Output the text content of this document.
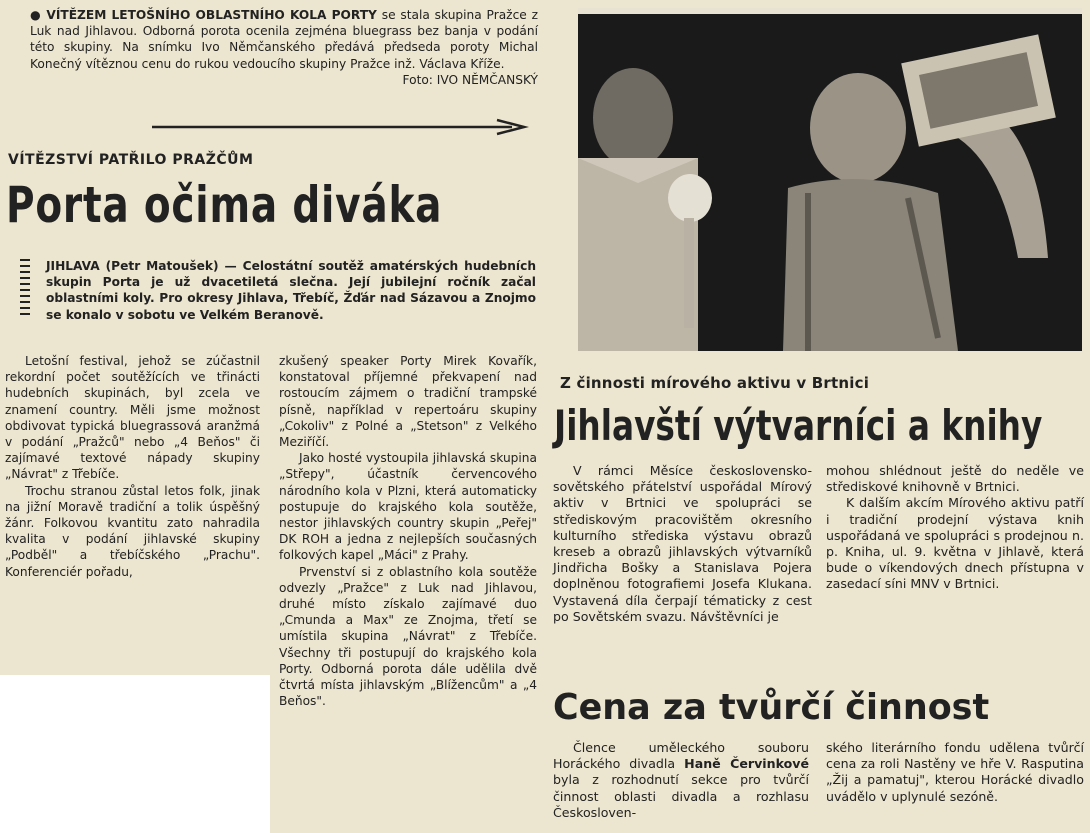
● VÍTĚZEM LETOŠNÍHO OBLASTNÍHO KOLA PORTY se stala skupina Pražce z Luk nad Jihlavou. Odborná porota ocenila zejména bluegrass bez banja v podání této skupiny. Na snímku Ivo Němčanského předává předseda poroty Michal Konečný vítěznou cenu do rukou vedoucího skupiny Pražce inž. Václava Kříže.
Foto: IVO NĚMČANSKÝ
VÍTĚZSTVÍ PATŘILO PRAŽČŮM
Porta očima diváka

JIHLAVA (Petr Matoušek) — Celostátní soutěž amatérských hudebních skupin Porta je už dvacetiletá slečna. Její jubilejní ročník začal oblastními koly. Pro okresy Jihlava, Třebíč, Žďár nad Sázavou a Znojmo se konalo v sobotu ve Velkém Beranově.

Letošní festival, jehož se zúčastnil rekordní počet soutěžících ve třinácti hudebních skupinách, byl zcela ve znamení country. Měli jsme možnost obdivovat typická bluegrassová aranžmá v podání „Pražců" nebo „4 Beňos" či zajímavé textové nápady skupiny „Návrat" z Třebíče.

Trochu stranou zůstal letos folk, jinak na jižní Moravě tradiční a tolik úspěšný žánr. Folkovou kvantitu zato nahradila kvalita v podání jihlavské skupiny „Podběl" a třebíčského „Prachu". Konferenciér pořadu,

zkušený speaker Porty Mirek Kovařík, konstatoval příjemné překvapení nad rostoucím zájmem o tradiční trampské písně, například v repertoáru skupiny „Cokoliv" z Polné a „Stetson" z Velkého Meziříčí.

Jako hosté vystoupila jihlavská skupina „Střepy", účastník červencového národního kola v Plzni, která automaticky postupuje do krajského kola soutěže, nestor jihlavských country skupin „Peřej" DK ROH a jedna z nejlepších současných folkových kapel „Máci" z Prahy.

Prvenství si z oblastního kola soutěže odvezly „Pražce" z Luk nad Jihlavou, druhé místo získalo zajímavé duo „Cmunda a Max" ze Znojma, třetí se umístila skupina „Návrat" z Třebíče. Všechny tři postupují do krajského kola Porty. Odborná porota dále udělila dvě čtvrtá místa jihlavským „Blížencům" a „4 Beňos".

Z činnosti mírového aktivu v Brtnici
Jihlavští výtvarníci a knihy

V rámci Měsíce československo-sovětského přátelství uspořádal Mírový aktiv v Brtnici ve spolupráci se střediskovým pracovištěm okresního kulturního střediska výstavu obrazů kreseb a obrazů jihlavských výtvarníků Jindřicha Bošky a Stanislava Pojera doplněnou fotografiemi Josefa Klukana. Vystavená díla čerpají tématicky z cest po Sovětském svazu. Návštěvníci je

mohou shlédnout ještě do neděle ve střediskové knihovně v Brtnici.

K dalším akcím Mírového aktivu patří i tradiční prodejní výstava knih uspořádaná ve spolupráci s prodejnou n. p. Kniha, ul. 9. května v Jihlavě, která bude o víkendových dnech přístupna v zasedací síni MNV v Brtnici.

Cena za tvůrčí činnost

Člence uměleckého souboru Horáckého divadla Haně Červinkové byla z rozhodnutí sekce pro tvůrčí činnost oblasti divadla a rozhlasu Českosloven-

ského literárního fondu udělena tvůrčí cena za roli Nastěny ve hře V. Rasputina „Žij a pamatuj", kterou Horácké divadlo uvádělo v uplynulé sezóně.
